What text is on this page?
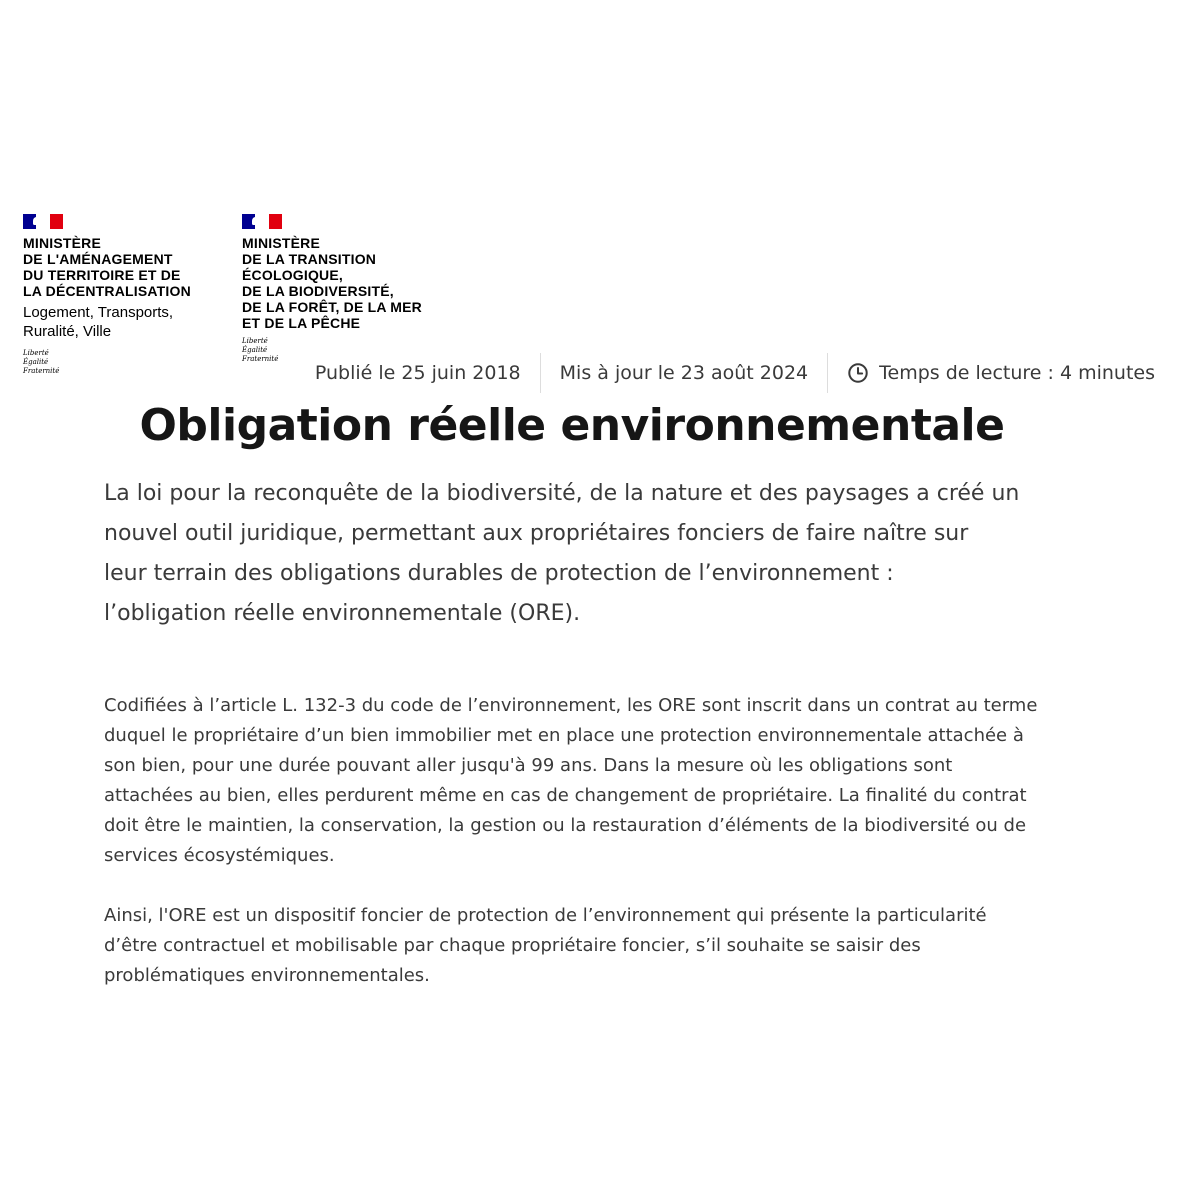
MINISTÈRE
DE L'AMÉNAGEMENT
DU TERRITOIRE ET DE
LA DÉCENTRALISATION
Logement, Transports,
Ruralité, Ville
Liberté
Égalité
Fraternité
MINISTÈRE
DE LA TRANSITION
ÉCOLOGIQUE,
DE LA BIODIVERSITÉ,
DE LA FORÊT, DE LA MER
ET DE LA PÊCHE
Liberté
Égalité
Fraternité
Publié le 25 juin 2018 Mis à jour le 23 août 2024	Temps de lecture : 4 minutes
Obligation réelle environnementale
La loi pour la reconquête de la biodiversité, de la nature et des paysages a créé un
nouvel outil juridique, permettant aux propriétaires fonciers de faire naître sur
leur terrain des obligations durables de protection de l’environnement :
l’obligation réelle environnementale (ORE).
Codifiées à l’article L. 132-3 du code de l’environnement, les ORE sont inscrit dans un contrat au terme
duquel le propriétaire d’un bien immobilier met en place une protection environnementale attachée à
son bien, pour une durée pouvant aller jusqu'à 99 ans. Dans la mesure où les obligations sont
attachées au bien, elles perdurent même en cas de changement de propriétaire. La finalité du contrat
doit être le maintien, la conservation, la gestion ou la restauration d’éléments de la biodiversité ou de
services écosystémiques.
Ainsi, l'ORE est un dispositif foncier de protection de l’environnement qui présente la particularité
d’être contractuel et mobilisable par chaque propriétaire foncier, s’il souhaite se saisir des
problématiques environnementales.
